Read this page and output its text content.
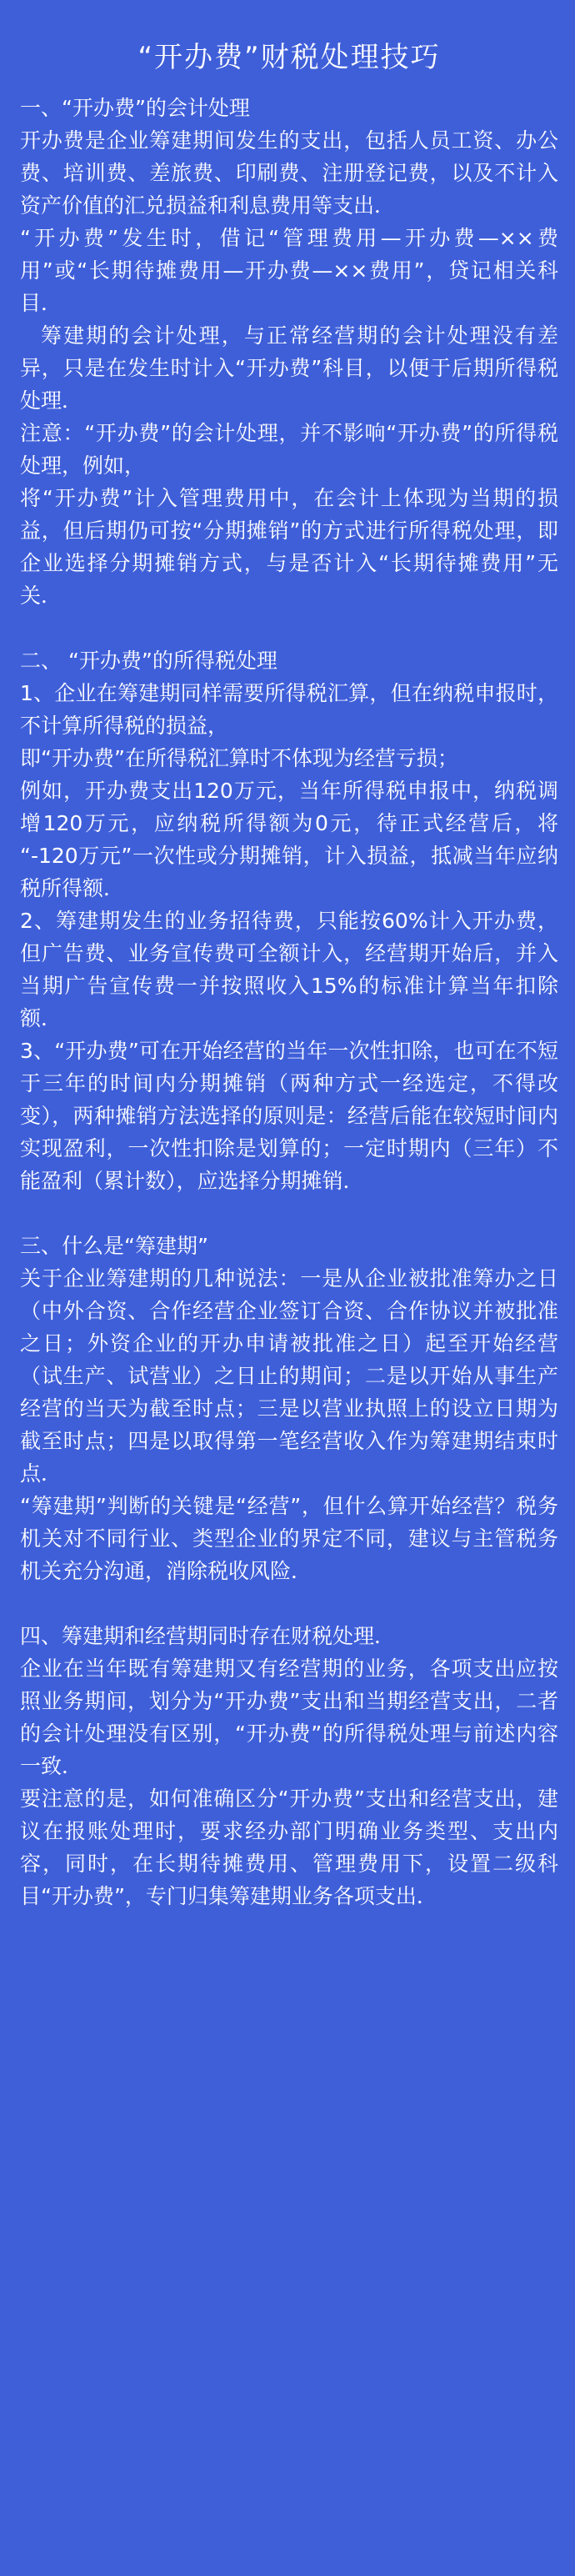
“开办费”财税处理技巧

一、“开办费”的会计处理

开办费是企业筹建期间发生的支出，包括人员工资、办公费、培训费、差旅费、印刷费、注册登记费，以及不计入资产价值的汇兑损益和利息费用等支出．

“开办费”发生时，借记“管理费用—开办费—××费用”或“长期待摊费用—开办费—××费用”，贷记相关科目．

筹建期的会计处理，与正常经营期的会计处理没有差异，只是在发生时计入“开办费”科目，以便于后期所得税处理．

注意：“开办费”的会计处理，并不影响“开办费”的所得税处理，例如，

将“开办费”计入管理费用中，在会计上体现为当期的损益，但后期仍可按“分期摊销”的方式进行所得税处理，即企业选择分期摊销方式，与是否计入“长期待摊费用”无关．

二、 “开办费”的所得税处理

1、企业在筹建期同样需要所得税汇算，但在纳税申报时，不计算所得税的损益，

即“开办费”在所得税汇算时不体现为经营亏损；

例如，开办费支出120万元，当年所得税申报中，纳税调增120万元，应纳税所得额为0元，待正式经营后，将 “-120万元”一次性或分期摊销，计入损益，抵减当年应纳税所得额．

2、筹建期发生的业务招待费，只能按60%计入开办费，但广告费、业务宣传费可全额计入，经营期开始后，并入当期广告宣传费一并按照收入15%的标准计算当年扣除额．

3、“开办费”可在开始经营的当年一次性扣除，也可在不短于三年的时间内分期摊销（两种方式一经选定，不得改变），两种摊销方法选择的原则是：经营后能在较短时间内实现盈利，一次性扣除是划算的；一定时期内（三年）不能盈利（累计数），应选择分期摊销．

三、什么是“筹建期”

关于企业筹建期的几种说法：一是从企业被批准筹办之日（中外合资、合作经营企业签订合资、合作协议并被批准之日；外资企业的开办申请被批准之日）起至开始经营（试生产、试营业）之日止的期间；二是以开始从事生产经营的当天为截至时点；三是以营业执照上的设立日期为截至时点；四是以取得第一笔经营收入作为筹建期结束时点．

“筹建期”判断的关键是“经营”，但什么算开始经营？税务机关对不同行业、类型企业的界定不同，建议与主管税务机关充分沟通，消除税收风险．

四、筹建期和经营期同时存在财税处理．

企业在当年既有筹建期又有经营期的业务，各项支出应按照业务期间，划分为“开办费”支出和当期经营支出，二者的会计处理没有区别，“开办费”的所得税处理与前述内容一致．

要注意的是，如何准确区分“开办费”支出和经营支出，建议在报账处理时，要求经办部门明确业务类型、支出内容，同时，在长期待摊费用、管理费用下，设置二级科目“开办费”，专门归集筹建期业务各项支出．
